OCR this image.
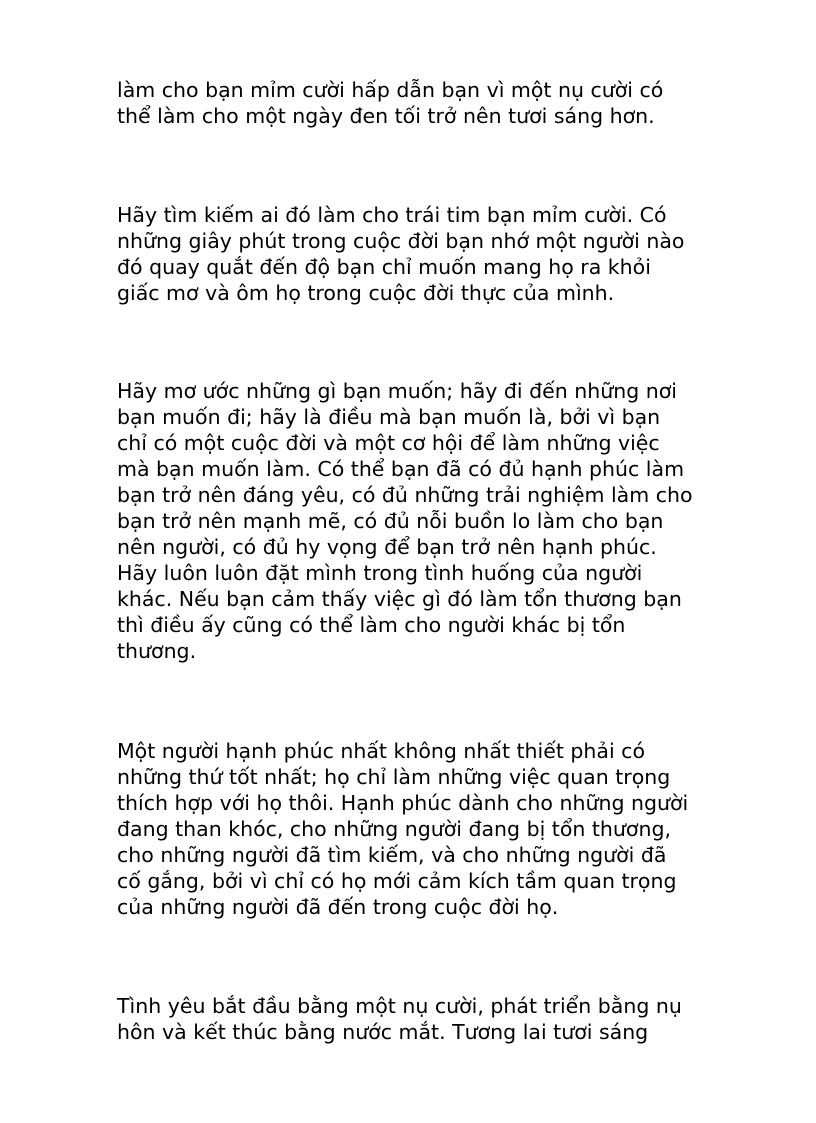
làm cho bạn mỉm cười hấp dẫn bạn vì một nụ cười có
thể làm cho một ngày đen tối trở nên tươi sáng hơn.

Hãy tìm kiếm ai đó làm cho trái tim bạn mỉm cười. Có
những giây phút trong cuộc đời bạn nhớ một người nào
đó quay quắt đến độ bạn chỉ muốn mang họ ra khỏi
giấc mơ và ôm họ trong cuộc đời thực của mình.

Hãy mơ ước những gì bạn muốn; hãy đi đến những nơi
bạn muốn đi; hãy là điều mà bạn muốn là, bởi vì bạn
chỉ có một cuộc đời và một cơ hội để làm những việc
mà bạn muốn làm. Có thể bạn đã có đủ hạnh phúc làm
bạn trở nên đáng yêu, có đủ những trải nghiệm làm cho
bạn trở nên mạnh mẽ, có đủ nỗi buồn lo làm cho bạn
nên người, có đủ hy vọng để bạn trở nên hạnh phúc.
Hãy luôn luôn đặt mình trong tình huống của người
khác. Nếu bạn cảm thấy việc gì đó làm tổn thương bạn
thì điều ấy cũng có thể làm cho người khác bị tổn
thương.

Một người hạnh phúc nhất không nhất thiết phải có
những thứ tốt nhất; họ chỉ làm những việc quan trọng
thích hợp với họ thôi. Hạnh phúc dành cho những người
đang than khóc, cho những người đang bị tổn thương,
cho những người đã tìm kiếm, và cho những người đã
cố gắng, bởi vì chỉ có họ mới cảm kích tầm quan trọng
của những người đã đến trong cuộc đời họ.

Tình yêu bắt đầu bằng một nụ cười, phát triển bằng nụ
hôn và kết thúc bằng nước mắt. Tương lai tươi sáng
